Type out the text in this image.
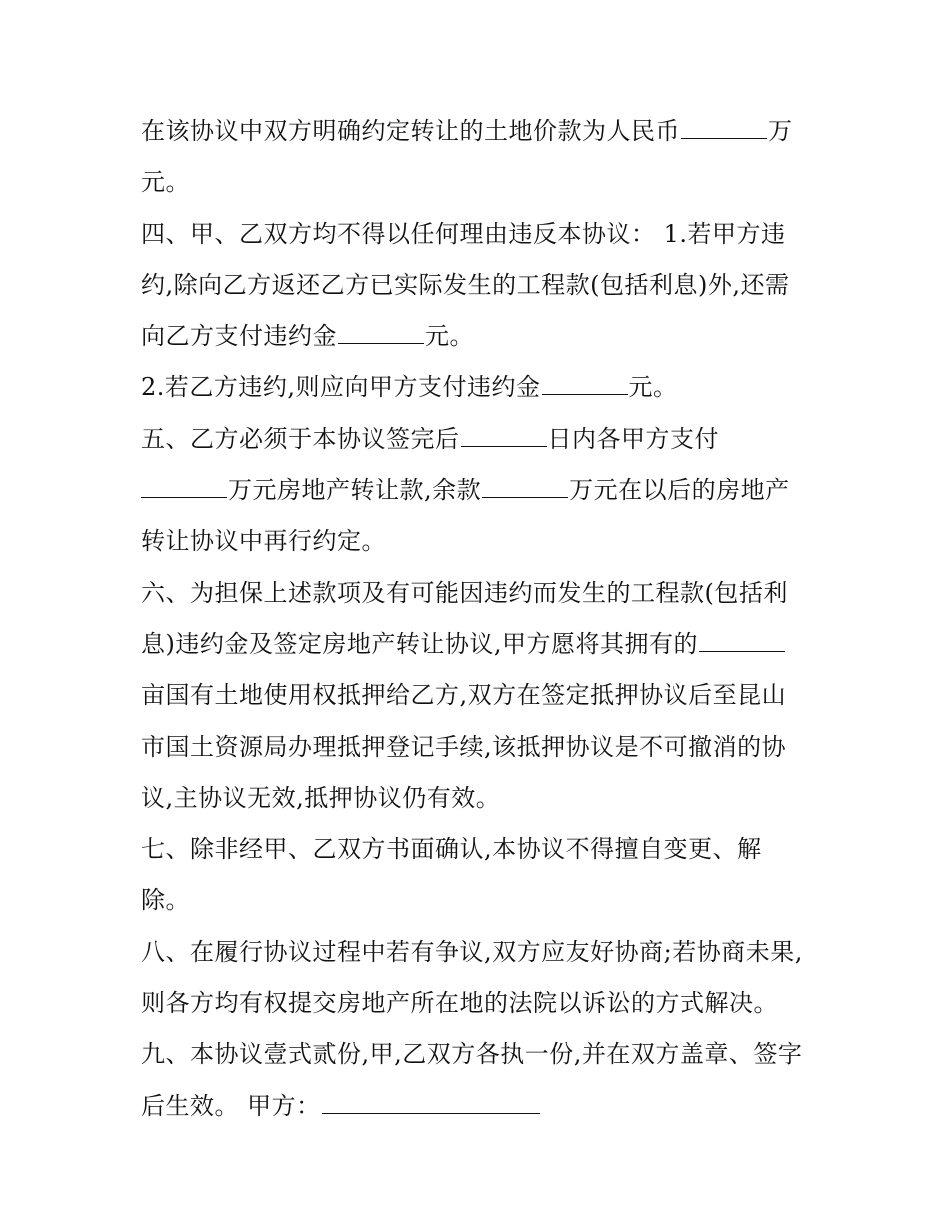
在该协议中双方明确约定转让的土地价款为人民币	万
元。
四、甲、乙双方均不得以任何理由违反本协议： 1.若甲方违
约,除向乙方返还乙方已实际发生的工程款(包括利息)外,还需
向乙方支付违约金	元。
2.若乙方违约,则应向甲方支付违约金	元。
五、乙方必须于本协议签完后	日内各甲方支付
万元房地产转让款,余款	万元在以后的房地产
转让协议中再行约定。
六、为担保上述款项及有可能因违约而发生的工程款(包括利
息)违约金及签定房地产转让协议,甲方愿将其拥有的
亩国有土地使用权抵押给乙方,双方在签定抵押协议后至昆山
市国土资源局办理抵押登记手续,该抵押协议是不可撤消的协
议,主协议无效,抵押协议仍有效。
七、除非经甲、乙双方书面确认,本协议不得擅自变更、解
除。
八、在履行协议过程中若有争议,双方应友好协商;若协商未果,
则各方均有权提交房地产所在地的法院以诉讼的方式解决。
九、本协议壹式贰份,甲,乙双方各执一份,并在双方盖章、签字
后生效。 甲方：
